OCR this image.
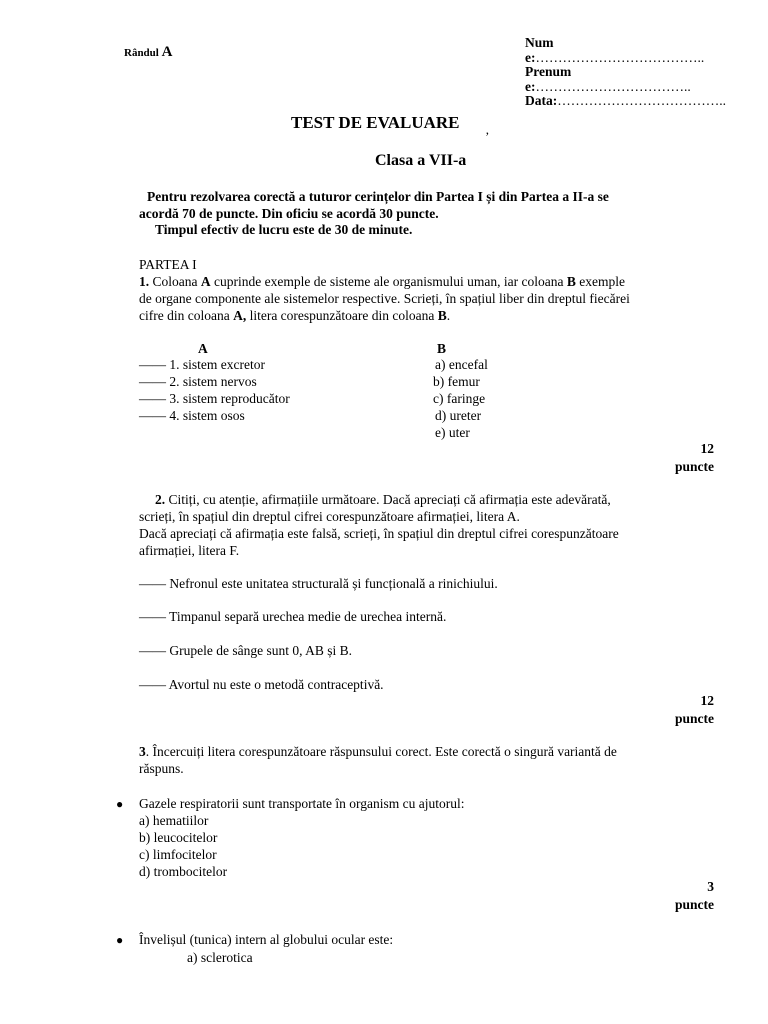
Rândul A
Nume:………………………………..
Prenume:……………………………..
Data:………………………………..
TEST DE EVALUARE $_,$
Clasa a VII-a

Pentru rezolvarea corectă a tuturor cerințelor din Partea I și din Partea a II-a se

acordă 70 de puncte. Din oficiu se acordă 30 puncte.

Timpul efectiv de lucru este de 30 de minute.

PARTEA I

1. Coloana A cuprinde exemple de sisteme ale organismului uman, iar coloana B exemple

de organe componente ale sistemelor respective. Scrieți, în spațiul liber din dreptul fiecărei

cifre din coloana A, litera corespunzătoare din coloana B.

A	B
—— 1. sistem excretor
—— 2. sistem nervos
—— 3. sistem reproducător
—— 4. sistem osos
a) encefal
b) femur
c) faringe
d) ureter
e) uter
12
puncte

2. Citiți, cu atenție, afirmațiile următoare. Dacă apreciați că afirmația este adevărată,

scrieți, în spațiul din dreptul cifrei corespunzătoare afirmației, litera A.

Dacă apreciați că afirmația este falsă, scrieți, în spațiul din dreptul cifrei corespunzătoare

afirmației, litera F.

—— Nefronul este unitatea structurală și funcțională a rinichiului.
—— Timpanul separă urechea medie de urechea internă.
—— Grupele de sânge sunt 0, AB și B.
—— Avortul nu este o metodă contraceptivă.
12
puncte

3. Încercuiți litera corespunzătoare răspunsului corect. Este corectă o singură variantă de

răspuns.

● Gazele respiratorii sunt transportate în organism cu ajutorul:
a) hematiilor
b) leucocitelor
c) limfocitelor
d) trombocitelor
3
puncte
● Învelișul (tunica) intern al globului ocular este:
a) sclerotica
